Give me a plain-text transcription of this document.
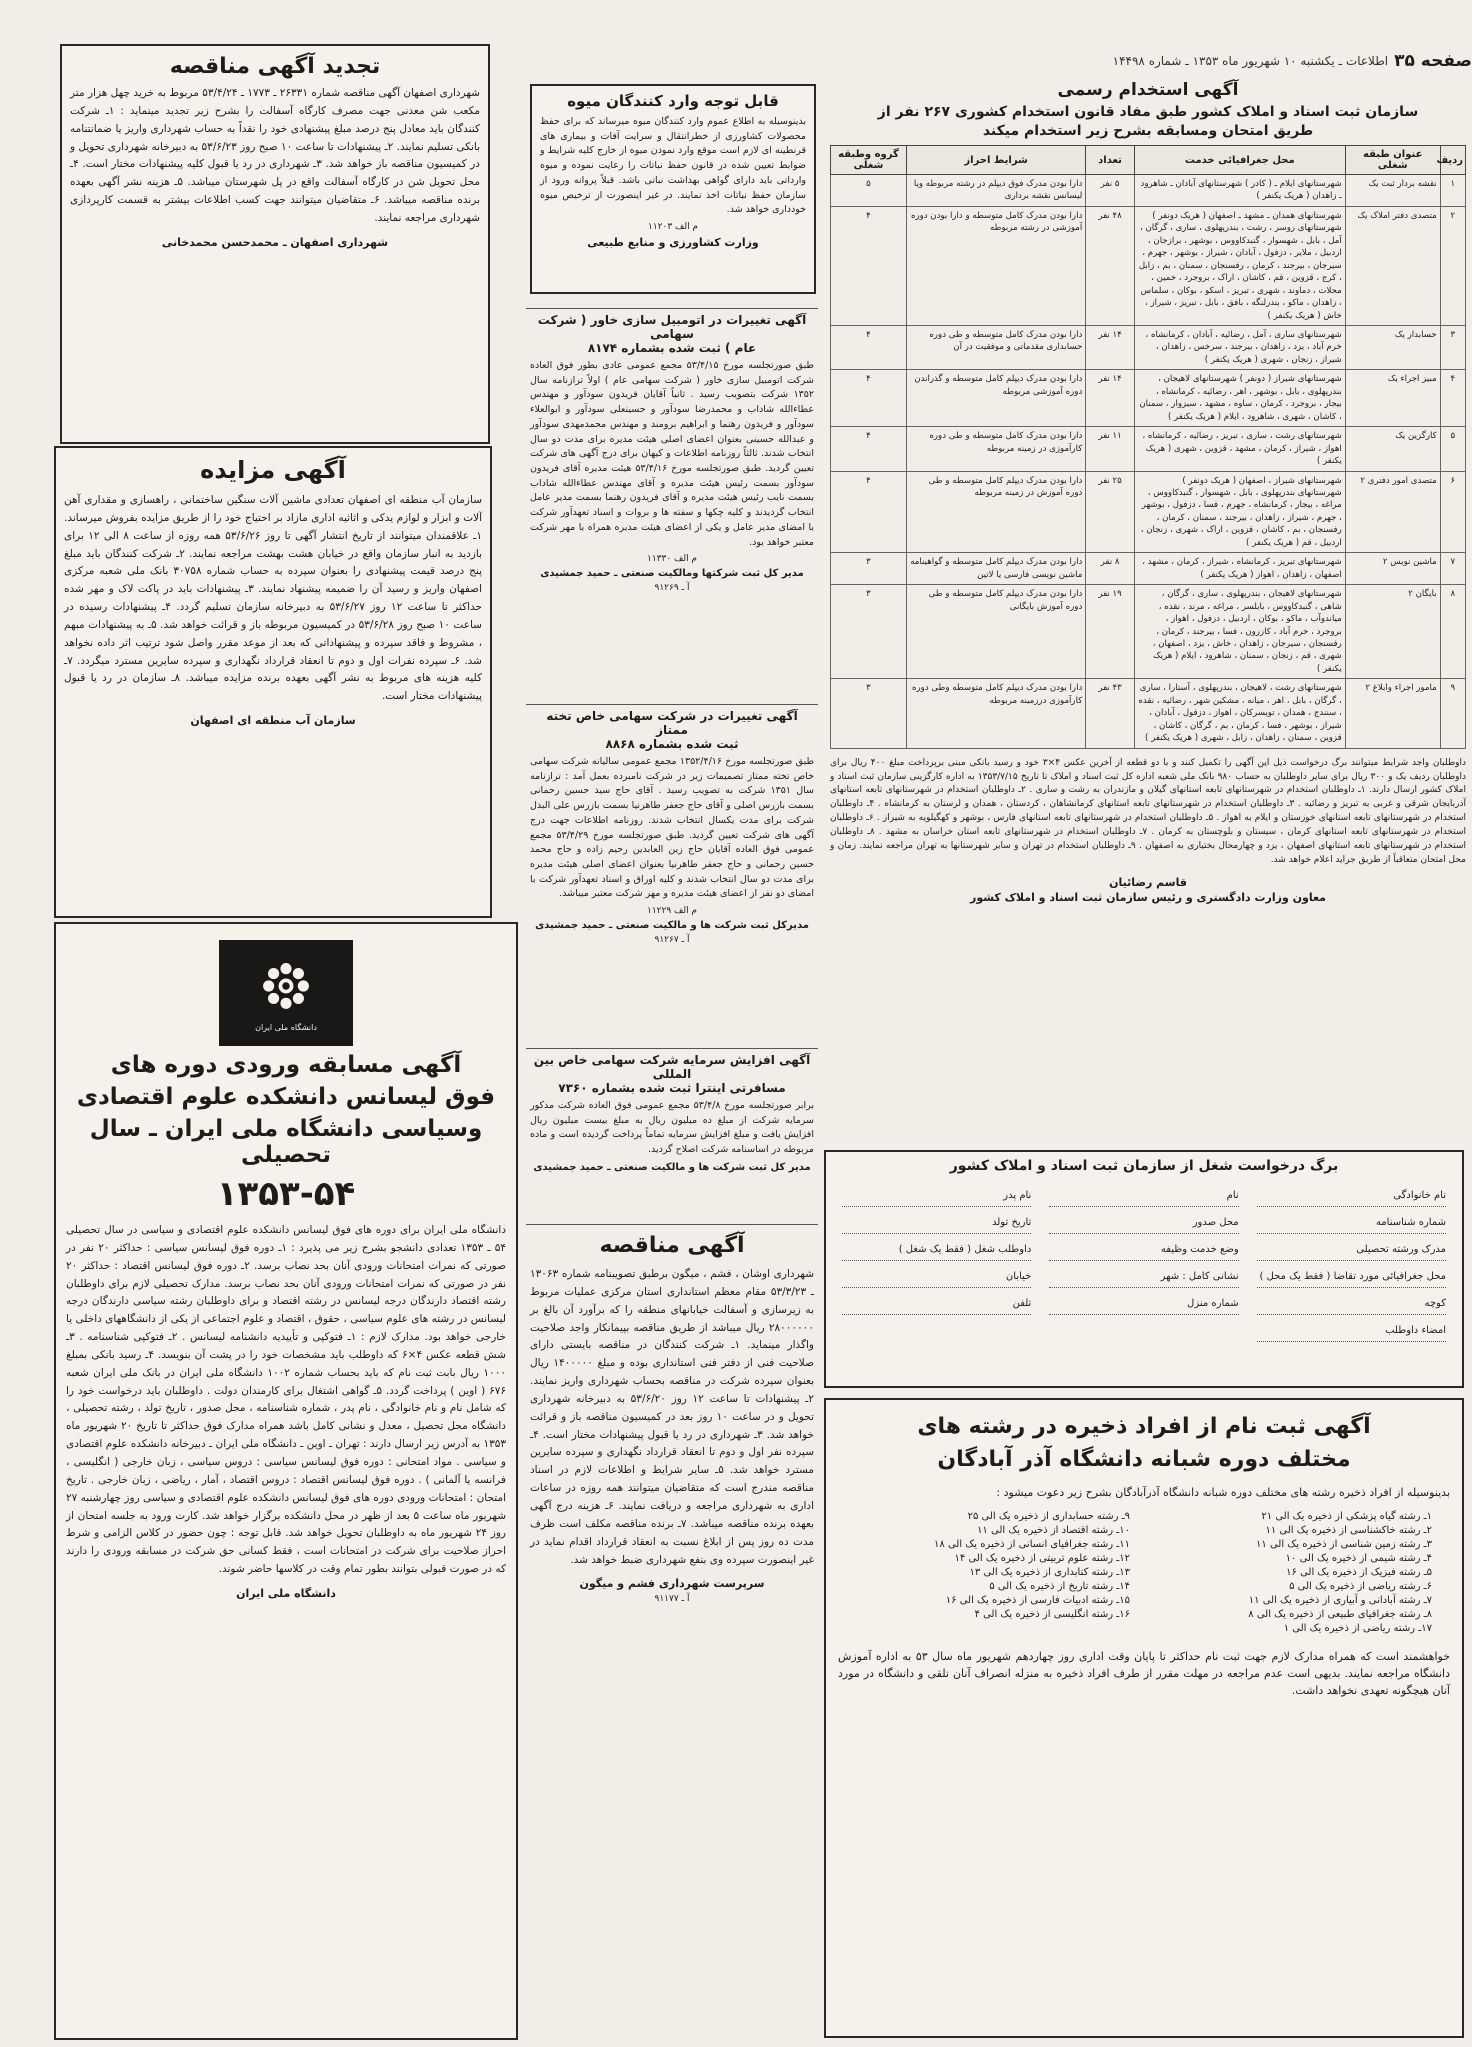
صفحه ۳۵
اطلاعات ـ یکشنبه ۱۰ شهریور ماه ۱۳۵۳ ـ شماره ۱۴۴۹۸
آگهی استخدام رسمی
سازمان ثبت اسناد و املاک کشور طبق مفاد قانون استخدام کشوری ۲۶۷ نفر از
طریق امتحان ومسابقه بشرح زیر استخدام میکند
ردیف	عنوان طبقه شغلی	محل جغرافیائی خدمت	تعداد	شرایط احراز	گروه وطبقه شغلی
۱	نقشه بردار ثبت یک	شهرستانهای ایلام ـ ( کادر ) شهرستانهای آبادان ـ شاهرود ـ زاهدان ( هریک یکنفر )	۵ نفر	دارا بودن مدرک فوق دیپلم در رشته مربوطه ویا لیسانس نقشه برداری	۵
۲	متصدی دفتر املاک یک	شهرستانهای همدان ـ مشهد ـ اصفهان ( هریک دونفر ) شهرستانهای روسر ، رشت ، بندرپهلوی ، ساری ، گرگان ، آمل ، بابل ، شهسوار ، گنبدکاووس ، بوشهر ، برازجان ، اردبیل ، ملایر ، دزفول ، آبادان ، شیراز ، بوشهر ، جهرم ، سیرجان ، بیرجند ، کرمان ، رفسنجان ، سمنان ، بم ، زابل ، کرج ، قزوین ، قم ، کاشان ، اراک ، بروجرد ، خمین ، محلات ، دماوند ، شهری ، تبریز ، اسکو ، بوکان ، سلماس ، زاهدان ، ماکو ، بندرلنگه ، بافق ، بابل ، تبریز ، شیراز ، خاش ( هریک یکنفر )	۴۸ نفر	دارا بودن مدرک کامل متوسطه و دارا بودن دوره آموزشی در رشته مربوطه	۴
۳	حسابدار یک	شهرستانهای ساری ، آمل ، رضائیه ، آبادان ، کرمانشاه ، خرم آباد ، یزد ، زاهدان ، بیرجند ، سرخس ، زاهدان ، شیراز ، زنجان ، شهری ( هریک یکنفر )	۱۴ نفر	دارا بودن مدرک کامل متوسطه و طی دوره حسابداری مقدماتی و موفقیت در آن	۴
۴	مبیز اجراء یک	شهرستانهای شیراز ( دونفر ) شهرستانهای لاهیجان ، بندرپهلوی ، بابل ، بوشهر ، اهر ، رضائیه ، کرمانشاه ، بیجار ، بروجرد ، کرمان ، ساوه ، مشهد ، سبزوار ، سمنان ، کاشان ، شهری ، شاهرود ، ایلام ( هریک یکنفر )	۱۴ نفر	دارا بودن مدرک دیپلم کامل متوسطه و گذراندن دوره آموزشی مربوطه	۴
۵	کارگزین یک	شهرستانهای رشت ، ساری ، تبریز ، رضائیه ، کرمانشاه ، اهواز ، شیراز ، کرمان ، مشهد ، قزوین ، شهری ( هریک یکنفر )	۱۱ نفر	دارا بودن مدرک کامل متوسطه و طی دوره کارآموزی در زمینه مربوطه	۴
۶	متصدی امور دفتری ۲	شهرستانهای شیراز ، اصفهان ( هریک دونفر ) شهرستانهای بندرپهلوی ، بابل ، شهسوار ، گنبدکاووس ، مراغه ، بیجار ، کرمانشاه ، جهرم ، فسا ، دزفول ، بوشهر ، جهرم ، شیراز ، زاهدان ، بیرجند ، سمنان ، کرمان ، رفسنجان ، بم ، کاشان ، قزوین ، اراک ، شهری ، زنجان ، اردبیل ، قم ( هریک یکنفر )	۲۵ نفر	دارا بودن مدرک دیپلم کامل متوسطه و طی دوره آموزش در زمینه مربوطه	۴
۷	ماشین نویس ۲	شهرستانهای تبریز ، کرمانشاه ، شیراز ، کرمان ، مشهد ، اصفهان ، زاهدان ، اهواز ( هریک یکنفر )	۸ نفر	دارا بودن مدرک دیپلم کامل متوسطه و گواهینامه ماشین نویسی فارسی یا لاتین	۳
۸	بایگان ۲	شهرستانهای لاهیجان ، بندرپهلوی ، ساری ، گرگان ، شاهی ، گنبدکاووس ، بابلسر ، مراغه ، مرند ، نقده ، میاندوآب ، ماکو ، بوکان ، اردبیل ، دزفول ، اهواز ، بروجرد ، خرم آباد ، کازرون ، فسا ، بیرجند ، کرمان ، رفسنجان ، سیرجان ، زاهدان ، خاش ، یزد ، اصفهان ، شهری ، قم ، زنجان ، سمنان ، شاهرود ، ایلام ( هریک یکنفر )	۱۹ نفر	دارا بودن مدرک دیپلم کامل متوسطه و طی دوره آموزش بایگانی	۳
۹	مامور اجراء وابلاغ ۲	شهرستانهای رشت ، لاهیجان ، بندرپهلوی ، آستارا ، ساری ، گرگان ، بابل ، اهر ، میانه ، مشکین شهر ، رضائیه ، نقده ، سنندج ، همدان ، تویسرکان ، اهواز ، دزفول ، آبادان ، شیراز ، بوشهر ، فسا ، کرمان ، بم ، گرگان ، کاشان ، قزوین ، سمنان ، زاهدان ، زابل ، شهری ( هریک یکنفر )	۴۳ نفر	دارا بودن مدرک دیپلم کامل متوسطه وطی دوره کارآموزی درزمینه مربوطه	۳

داوطلبان واجد شرایط میتوانند برگ درخواست ذیل این آگهی را تکمیل کنند و با دو قطعه از آخرین عکس ۴×۳ خود و رسید بانکی مبنی برپرداخت مبلغ ۴۰۰ ریال برای داوطلبان ردیف یک و ۳۰۰ ریال برای سایر داوطلبان به حساب ۹۸۰ بانک ملی شعبه اداره کل ثبت اسناد و املاک تا تاریخ ۱۳۵۳/۷/۱۵ به اداره کارگزینی سازمان ثبت اسناد و املاک کشور ارسال دارند. ۱ـ داوطلبان استخدام در شهرستانهای تابعه استانهای گیلان و مازندران به رشت و ساری . ۲ـ داوطلبان استخدام در شهرستانهای تابعه استانهای آذربایجان شرقی و غربی به تبریز و رضائیه . ۳ـ داوطلبان استخدام در شهرستانهای تابعه استانهای کرمانشاهان ، کردستان ، همدان و لرستان به کرمانشاه . ۴ـ داوطلبان استخدام در شهرستانهای تابعه استانهای خوزستان و ایلام به اهواز . ۵ـ داوطلبان استخدام در شهرستانهای تابعه استانهای فارس ، بوشهر و کهگیلویه به شیراز . ۶ـ داوطلبان استخدام در شهرستانهای تابعه استانهای کرمان ، سیستان و بلوچستان به کرمان . ۷ـ داوطلبان استخدام در شهرستانهای تابعه استان خراسان به مشهد . ۸ـ داوطلبان استخدام در شهرستانهای تابعه استانهای اصفهان ، یزد و چهارمحال بختیاری به اصفهان . ۹ـ داوطلبان استخدام در تهران و سایر شهرستانها به تهران مراجعه نمایند. زمان و محل امتحان متعاقباً از طریق جراید اعلام خواهد شد.

قاسم رضائیان

معاون وزارت دادگستری و رئیس سازمان ثبت اسناد و املاک کشور

برگ درخواست شغل از سازمان ثبت اسناد و املاک کشور
نام خانوادگی
نام
نام پدر
شماره شناسنامه
محل صدور
تاریخ تولد
مدرک ورشته تحصیلی
وضع خدمت وظیفه
داوطلب شغل ( فقط یک شغل )
محل جغرافیائی مورد تقاضا ( فقط یک محل )
نشانی کامل : شهر
خیابان
کوچه
شماره منزل
تلفن
امضاء داوطلب
آگهی ثبت نام از افراد ذخیره در رشته های
مختلف دوره شبانه دانشگاه آذر آبادگان

بدینوسیله از افراد ذخیره رشته های مختلف دوره شبانه دانشگاه آذرآبادگان بشرح زیر دعوت میشود :

۱ـ رشته گیاه پزشکی از ذخیره یک الی ۲۱
۹ـ رشته حسابداری از ذخیره یک الی ۲۵
۲ـ رشته خاکشناسی از ذخیره یک الی ۱۱
۱۰ـ رشته اقتصاد از ذخیره یک الی ۱۱
۳ـ رشته زمین شناسی از ذخیره یک الی ۱۱
۱۱ـ رشته جغرافیای انسانی از ذخیره یک الی ۱۸
۴ـ رشته شیمی از ذخیره یک الی ۱۰
۱۲ـ رشته علوم تربیتی از ذخیره یک الی ۱۴
۵ـ رشته فیزیک از ذخیره یک الی ۱۶
۱۳ـ رشته کتابداری از ذخیره یک الی ۱۳
۶ـ رشته ریاضی از ذخیره یک الی ۵
۱۴ـ رشته تاریخ از ذخیره یک الی ۵
۷ـ رشته آبادانی و آبیاری از ذخیره یک الی ۱۱
۱۵ـ رشته ادبیات فارسی از ذخیره یک الی ۱۶
۸ـ رشته جغرافیای طبیعی از ذخیره یک الی ۸
۱۶ـ رشته انگلیسی از ذخیره یک الی ۴
۱۷ـ رشته ریاضی از ذخیره یک الی ۱

خواهشمند است که همراه مدارک لازم جهت ثبت نام حداکثر تا پایان وقت اداری روز چهاردهم شهریور ماه سال ۵۳ به اداره آموزش دانشگاه مراجعه نمایند. بدیهی است عدم مراجعه در مهلت مقرر از طرف افراد ذخیره به منزله انصراف آنان تلقی و دانشگاه در مورد آنان هیچگونه تعهدی نخواهد داشت.

قابل توجه وارد کنندگان میوه

بدینوسیله به اطلاع عموم وارد کنندگان میوه میرساند که برای حفظ محصولات کشاورزی از خطرانتقال و سرایت آفات و بیماری های قرنطینه ای لازم است موقع وارد نمودن میوه از خارج کلیه شرایط و ضوابط تعیین شده در قانون حفظ نباتات را رعایت نموده و میوه وارداتی باید دارای گواهی بهداشت نباتی باشد. قبلاً پروانه ورود از سازمان حفظ نباتات اخذ نمایند. در غیر اینصورت از ترخیص میوه خودداری خواهد شد.

م الف ۱۱۲۰۳

وزارت کشاورزی و منابع طبیعی

آگهی تغییرات در اتومبیل سازی خاور ( شرکت سهامی
عام ) ثبت شده بشماره ۸۱۷۴

طبق صورتجلسه مورخ ۵۳/۴/۱۵ مجمع عمومی عادی بطور فوق العاده شرکت اتومبیل سازی خاور ( شرکت سهامی عام ) اولاً ترازنامه سال ۱۳۵۲ شرکت بتصویب رسید . ثانیاً آقایان فریدون سودآور و مهندس عطاءالله شاداب و محمدرضا سودآور و حسینعلی سودآور و ابوالعلاء سودآور و فریدون رهنما و ابراهیم برومند و مهندس محمدمهدی سودآور و عبدالله حسینی بعنوان اعضای اصلی هیئت مدیره برای مدت دو سال انتخاب شدند. ثالثاً روزنامه اطلاعات و کیهان برای درج آگهی های شرکت تعیین گردید. طبق صورتجلسه مورخ ۵۳/۴/۱۶ هیئت مدیره آقای فریدون سودآور بسمت رئیس هیئت مدیره و آقای مهندس عطاءالله شاداب بسمت نایب رئیس هیئت مدیره و آقای فریدون رهنما بسمت مدیر عامل انتخاب گردیدند و کلیه چکها و سفته ها و بروات و اسناد تعهدآور شرکت با امضای مدیر عامل و یکی از اعضای هیئت مدیره همراه با مهر شرکت معتبر خواهد بود.

م الف ۱۱۳۳۰

مدیر کل ثبت شرکتها ومالکیت صنعتی ـ حمید جمشیدی

آ ـ ۹۱۲۶۹

آگهی تغییرات در شرکت سهامی خاص تخته ممتاز
ثبت شده بشماره ۸۸۶۸

طبق صورتجلسه مورخ ۱۳۵۲/۴/۱۶ مجمع عمومی سالیانه شرکت سهامی خاص تخته ممتاز تصمیمات زیر در شرکت نامبرده بعمل آمد : ترازنامه سال ۱۳۵۱ شرکت به تصویب رسید . آقای حاج سید حسین رحمانی بسمت بازرس اصلی و آقای حاج جعفر طاهرنیا بسمت بازرس علی البدل شرکت برای مدت یکسال انتخاب شدند. روزنامه اطلاعات جهت درج آگهی های شرکت تعیین گردید. طبق صورتجلسه مورخ ۵۳/۴/۲۹ مجمع عمومی فوق العاده آقایان حاج زین العابدین رحیم زاده و حاج محمد حسین رحمانی و حاج جعفر طاهرنیا بعنوان اعضای اصلی هیئت مدیره برای مدت دو سال انتخاب شدند و کلیه اوراق و اسناد تعهدآور شرکت با امضای دو نفر از اعضای هیئت مدیره و مهر شرکت معتبر میباشد.

م الف ۱۱۲۲۹

مدیرکل ثبت شرکت ها و مالکیت صنعتی ـ حمید جمشیدی

آ ـ ۹۱۲۶۷

آگهی افزایش سرمایه شرکت سهامی خاص بین المللی
مسافرتی اینترا ثبت شده بشماره ۷۳۶۰

برابر صورتجلسه مورخ ۵۳/۴/۸ مجمع عمومی فوق العاده شرکت مذکور سرمایه شرکت از مبلغ ده میلیون ریال به مبلغ بیست میلیون ریال افزایش یافت و مبلغ افزایش سرمایه تماماً پرداخت گردیده است و ماده مربوطه در اساسنامه شرکت اصلاح گردید.

مدیر کل ثبت شرکت ها و مالکیت صنعتی ـ حمید جمشیدی

آگهی مناقصه

شهرداری اوشان ، فشم ، میگون برطبق تصویبنامه شماره ۱۳۰۶۳ ـ ۵۳/۳/۲۳ مقام معظم استانداری استان مرکزی عملیات مربوط به زیرسازی و آسفالت خیابانهای منطقه را که برآورد آن بالغ بر ۲۸۰۰۰۰۰۰ ریال میباشد از طریق مناقصه بپیمانکار واجد صلاحیت واگذار مینماید. ۱ـ شرکت کنندگان در مناقصه بایستی دارای صلاحیت فنی از دفتر فنی استانداری بوده و مبلغ ۱۴۰۰۰۰۰ ریال بعنوان سپرده شرکت در مناقصه بحساب شهرداری واریز نمایند. ۲ـ پیشنهادات تا ساعت ۱۲ روز ۵۳/۶/۲۰ به دبیرخانه شهرداری تحویل و در ساعت ۱۰ روز بعد در کمیسیون مناقصه باز و قرائت خواهد شد. ۳ـ شهرداری در رد یا قبول پیشنهادات مختار است. ۴ـ سپرده نفر اول و دوم تا انعقاد قرارداد نگهداری و سپرده سایرین مسترد خواهد شد. ۵ـ سایر شرایط و اطلاعات لازم در اسناد مناقصه مندرج است که متقاضیان میتوانند همه روزه در ساعات اداری به شهرداری مراجعه و دریافت نمایند. ۶ـ هزینه درج آگهی بعهده برنده مناقصه میباشد. ۷ـ برنده مناقصه مکلف است ظرف مدت ده روز پس از ابلاغ نسبت به انعقاد قرارداد اقدام نماید در غیر اینصورت سپرده وی بنفع شهرداری ضبط خواهد شد.

سرپرست شهرداری فشم و میگون

آ ـ ۹۱۱۷۷

تجدید آگهی مناقصه

شهرداری اصفهان آگهی مناقصه شماره ۲۶۳۳۱ ـ ۱۷۷۳ ـ ۵۳/۴/۲۴ مربوط به خرید چهل هزار متر مکعب شن معدنی جهت مصرف کارگاه آسفالت را بشرح زیر تجدید مینماید : ۱ـ شرکت کنندگان باید معادل پنج درصد مبلغ پیشنهادی خود را نقداً به حساب شهرداری واریز یا ضمانتنامه بانکی تسلیم نمایند. ۲ـ پیشنهادات تا ساعت ۱۰ صبح روز ۵۳/۶/۲۳ به دبیرخانه شهرداری تحویل و در کمیسیون مناقصه باز خواهد شد. ۳ـ شهرداری در رد یا قبول کلیه پیشنهادات مختار است. ۴ـ محل تحویل شن در کارگاه آسفالت واقع در پل شهرستان میباشد. ۵ـ هزینه نشر آگهی بعهده برنده مناقصه میباشد. ۶ـ متقاضیان میتوانند جهت کسب اطلاعات بیشتر به قسمت کارپردازی شهرداری مراجعه نمایند.

شهرداری اصفهان ـ محمدحسن محمدخانی

آگهی مزایده

سازمان آب منطقه ای اصفهان تعدادی ماشین آلات سنگین ساختمانی ، راهسازی و مقداری آهن آلات و ابزار و لوازم یدکی و اثاثیه اداری مازاد بر احتیاج خود را از طریق مزایده بفروش میرساند. ۱ـ علاقمندان میتوانند از تاریخ انتشار آگهی تا روز ۵۳/۶/۲۶ همه روزه از ساعت ۸ الی ۱۲ برای بازدید به انبار سازمان واقع در خیابان هشت بهشت مراجعه نمایند. ۲ـ شرکت کنندگان باید مبلغ پنج درصد قیمت پیشنهادی را بعنوان سپرده به حساب شماره ۳۰۷۵۸ بانک ملی شعبه مرکزی اصفهان واریز و رسید آن را ضمیمه پیشنهاد نمایند. ۳ـ پیشنهادات باید در پاکت لاک و مهر شده حداکثر تا ساعت ۱۲ روز ۵۳/۶/۲۷ به دبیرخانه سازمان تسلیم گردد. ۴ـ پیشنهادات رسیده در ساعت ۱۰ صبح روز ۵۳/۶/۲۸ در کمیسیون مربوطه باز و قرائت خواهد شد. ۵ـ به پیشنهادات مبهم ، مشروط و فاقد سپرده و پیشنهاداتی که بعد از موعد مقرر واصل شود ترتیب اثر داده نخواهد شد. ۶ـ سپرده نفرات اول و دوم تا انعقاد قرارداد نگهداری و سپرده سایرین مسترد میگردد. ۷ـ کلیه هزینه های مربوط به نشر آگهی بعهده برنده مزایده میباشد. ۸ـ سازمان در رد یا قبول پیشنهادات مختار است.

سازمان آب منطقه ای اصفهان

دانشگاه ملی ایران
آگهی مسابقه ورودی دوره های
فوق لیسانس دانشکده علوم اقتصادی
وسیاسی دانشگاه ملی ایران ـ سال تحصیلی
۱۳۵۳-۵۴

دانشگاه ملی ایران برای دوره های فوق لیسانس دانشکده علوم اقتصادی و سیاسی در سال تحصیلی ۵۴ ـ ۱۳۵۳ تعدادی دانشجو بشرح زیر می پذیرد : ۱ـ دوره فوق لیسانس سیاسی : حداکثر ۲۰ نفر در صورتی که نمرات امتحانات ورودی آنان بحد نصاب برسد. ۲ـ دوره فوق لیسانس اقتصاد : حداکثر ۲۰ نفر در صورتی که نمرات امتحانات ورودی آنان بحد نصاب برسد. مدارک تحصیلی لازم برای داوطلبان رشته اقتصاد دارندگان درجه لیسانس در رشته اقتصاد و برای داوطلبان رشته سیاسی دارندگان درجه لیسانس در رشته های علوم سیاسی ، حقوق ، اقتصاد و علوم اجتماعی از یکی از دانشگاههای داخلی یا خارجی خواهد بود. مدارک لازم : ۱ـ فتوکپی و تأییدیه دانشنامه لیسانس . ۲ـ فتوکپی شناسنامه . ۳ـ شش قطعه عکس ۴×۶ که داوطلب باید مشخصات خود را در پشت آن بنویسد. ۴ـ رسید بانکی بمبلغ ۱۰۰۰ ریال بابت ثبت نام که باید بحساب شماره ۱۰۰۲ دانشگاه ملی ایران در بانک ملی ایران شعبه ۶۷۶ ( اوین ) پرداخت گردد. ۵ـ گواهی اشتغال برای کارمندان دولت . داوطلبان باید درخواست خود را که شامل نام و نام خانوادگی ، نام پدر ، شماره شناسنامه ، محل صدور ، تاریخ تولد ، رشته تحصیلی ، دانشگاه محل تحصیل ، معدل و نشانی کامل باشد همراه مدارک فوق حداکثر تا تاریخ ۲۰ شهریور ماه ۱۳۵۳ به آدرس زیر ارسال دارند : تهران ـ اوین ـ دانشگاه ملی ایران ـ دبیرخانه دانشکده علوم اقتصادی و سیاسی . مواد امتحانی : دوره فوق لیسانس سیاسی : دروس سیاسی ، زبان خارجی ( انگلیسی ، فرانسه یا آلمانی ) . دوره فوق لیسانس اقتصاد : دروس اقتصاد ، آمار ، ریاضی ، زبان خارجی . تاریخ امتحان : امتحانات ورودی دوره های فوق لیسانس دانشکده علوم اقتصادی و سیاسی روز چهارشنبه ۲۷ شهریور ماه ساعت ۵ بعد از ظهر در محل دانشکده برگزار خواهد شد. کارت ورود به جلسه امتحان از روز ۲۴ شهریور ماه به داوطلبان تحویل خواهد شد. قابل توجه : چون حضور در کلاس الزامی و شرط احراز صلاحیت برای شرکت در امتحانات است ، فقط کسانی حق شرکت در مسابقه ورودی را دارند که در صورت قبولی بتوانند بطور تمام وقت در کلاسها حاضر شوند.

دانشگاه ملی ایران
